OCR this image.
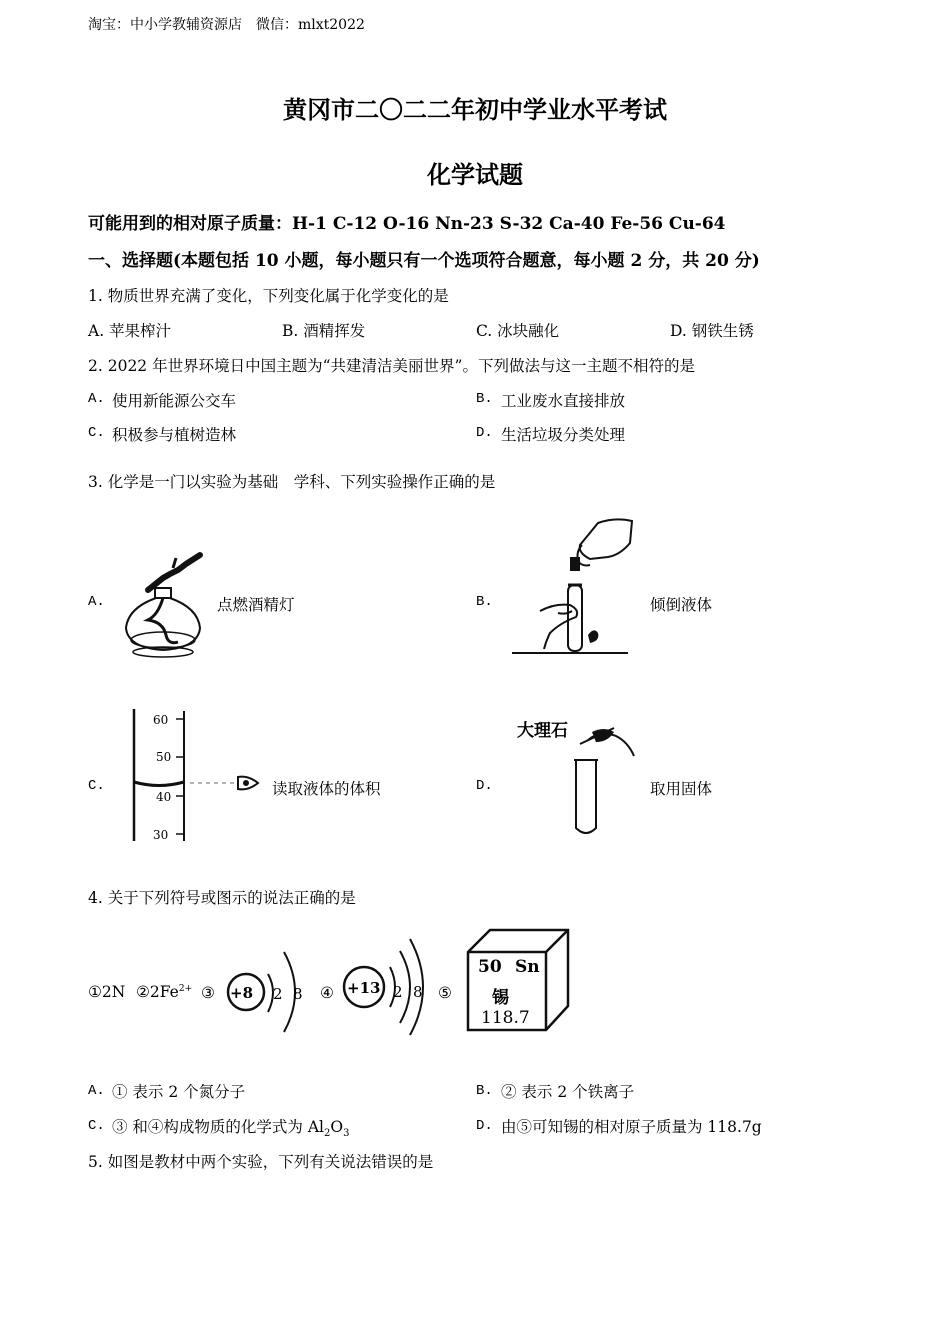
淘宝：中小学教辅资源店　微信：mlxt2022
黄冈市二〇二二年初中学业水平考试
化学试题
可能用到的相对原子质量：H-1 C-12 O-16 Nn-23 S-32 Ca-40 Fe-56 Cu-64
一、选择题(本题包括 10 小题，每小题只有一个选项符合题意，每小题 2 分，共 20 分)
1. 物质世界充满了变化，下列变化属于化学变化的是
A. 苹果榨汁	B. 酒精挥发	C. 冰块融化	D. 钢铁生锈
2. 2022 年世界环境日中国主题为“共建清洁美丽世界”。下列做法与这一主题不相符的是
A. 使用新能源公交车	B. 工业废水直接排放
C. 积极参与植树造林	D. 生活垃圾分类处理
3. 化学是一门以实验为基础　学科、下列实验操作正确的是
A.	点燃酒精灯	B.	倾倒液体
C.
60
50
40
30
读取液体的体积	D.
大理石
取用固体
4. 关于下列符号或图示的说法正确的是
①2N $②2Fe^{2+}$ ③ +8 2 8 ④ +13 2 8 ⑤
50 Sn
锡
118.7
A. ① 表示 2 个氮分子	B. ② 表示 2 个铁离子
C. ③ 和④构成物质的化学式为 $Al_2O_3$	D. 由⑤可知锡的相对原子质量为 118.7g
5. 如图是教材中两个实验，下列有关说法错误的是
